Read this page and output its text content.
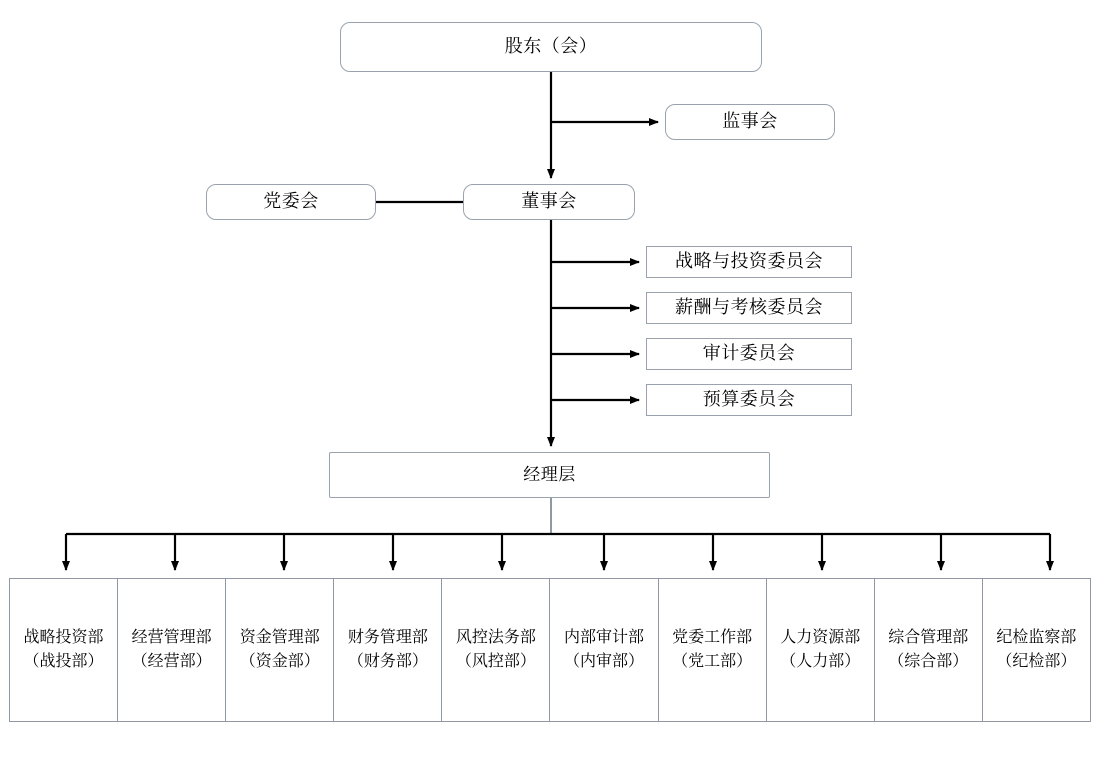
股东（会）
监事会
党委会	董事会
战略与投资委员会
薪酬与考核委员会
审计委员会
预算委员会
经理层
战略投资部
（战投部）
经营管理部
（经营部）
资金管理部
（资金部）
财务管理部
（财务部）
风控法务部
（风控部）
内部审计部
（内审部）
党委工作部
（党工部）
人力资源部
（人力部）
综合管理部
（综合部）
纪检监察部
（纪检部）
